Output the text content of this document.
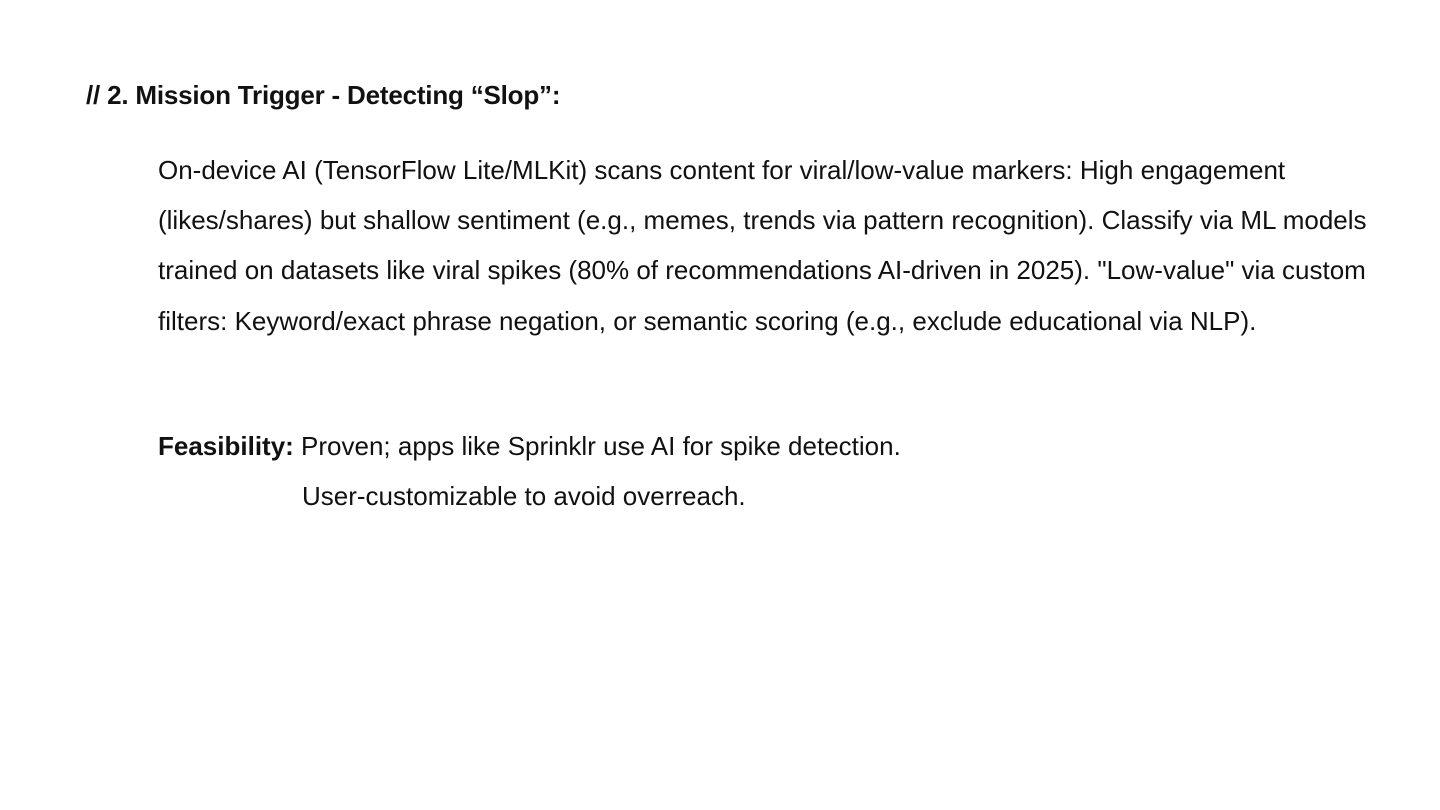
// 2. Mission Trigger - Detecting “Slop”:

On-device AI (TensorFlow Lite/MLKit) scans content for viral/low-value markers: High engagement (likes/shares) but shallow sentiment (e.g., memes, trends via pattern recognition). Classify via ML models trained on datasets like viral spikes (80% of recommendations AI-driven in 2025). "Low-value" via custom filters: Keyword/exact phrase negation, or semantic scoring (e.g., exclude educational via NLP).

Feasibility: Proven; apps like Sprinklr use AI for spike detection.
User-customizable to avoid overreach.
